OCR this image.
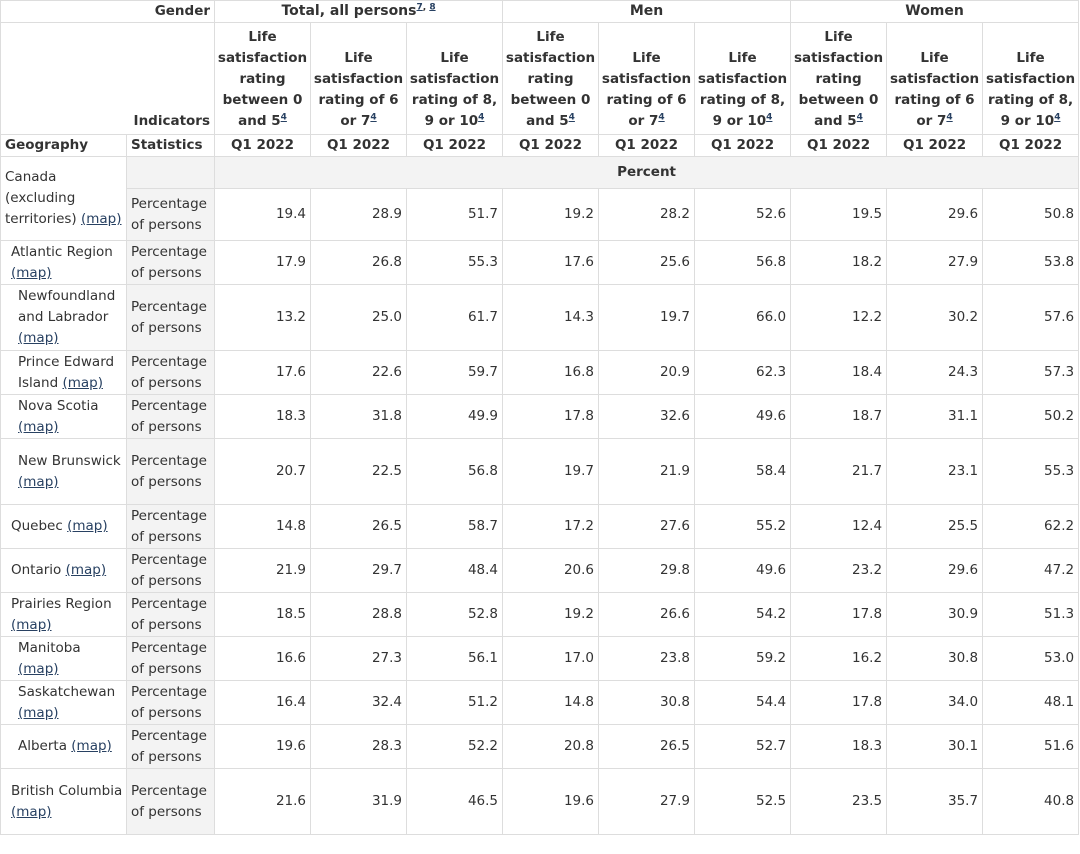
Gender		Total, all persons$^{7, 8}$			Men			Women		
Indicators		Life
satisfaction
rating
between 0
and 5$^4$	Life
satisfaction
rating of 6
or 7$^4$	Life
satisfaction
rating of 8,
9 or 10$^4$	Life
satisfaction
rating
between 0
and 5$^4$	Life
satisfaction
rating of 6
or 7$^4$	Life
satisfaction
rating of 8,
9 or 10$^4$	Life
satisfaction
rating
between 0
and 5$^4$	Life
satisfaction
rating of 6
or 7$^4$	Life
satisfaction
rating of 8,
9 or 10$^4$
Geography	Statistics	Q1 2022	Q1 2022	Q1 2022	Q1 2022	Q1 2022	Q1 2022	Q1 2022	Q1 2022	Q1 2022
Canada (excluding territories) (map)		Percent								
	Percentage of persons	19.4	28.9	51.7	19.2	28.2	52.6	19.5	29.6	50.8
Atlantic Region (map)	Percentage of persons	17.9	26.8	55.3	17.6	25.6	56.8	18.2	27.9	53.8
Newfoundland and Labrador (map)	Percentage of persons	13.2	25.0	61.7	14.3	19.7	66.0	12.2	30.2	57.6
Prince Edward Island (map)	Percentage of persons	17.6	22.6	59.7	16.8	20.9	62.3	18.4	24.3	57.3
Nova Scotia (map)	Percentage of persons	18.3	31.8	49.9	17.8	32.6	49.6	18.7	31.1	50.2
New Brunswick (map)	Percentage of persons	20.7	22.5	56.8	19.7	21.9	58.4	21.7	23.1	55.3
Quebec (map)	Percentage of persons	14.8	26.5	58.7	17.2	27.6	55.2	12.4	25.5	62.2
Ontario (map)	Percentage of persons	21.9	29.7	48.4	20.6	29.8	49.6	23.2	29.6	47.2
Prairies Region (map)	Percentage of persons	18.5	28.8	52.8	19.2	26.6	54.2	17.8	30.9	51.3
Manitoba (map)	Percentage of persons	16.6	27.3	56.1	17.0	23.8	59.2	16.2	30.8	53.0
Saskatchewan (map)	Percentage of persons	16.4	32.4	51.2	14.8	30.8	54.4	17.8	34.0	48.1
Alberta (map)	Percentage of persons	19.6	28.3	52.2	20.8	26.5	52.7	18.3	30.1	51.6
British Columbia (map)	Percentage of persons	21.6	31.9	46.5	19.6	27.9	52.5	23.5	35.7	40.8
